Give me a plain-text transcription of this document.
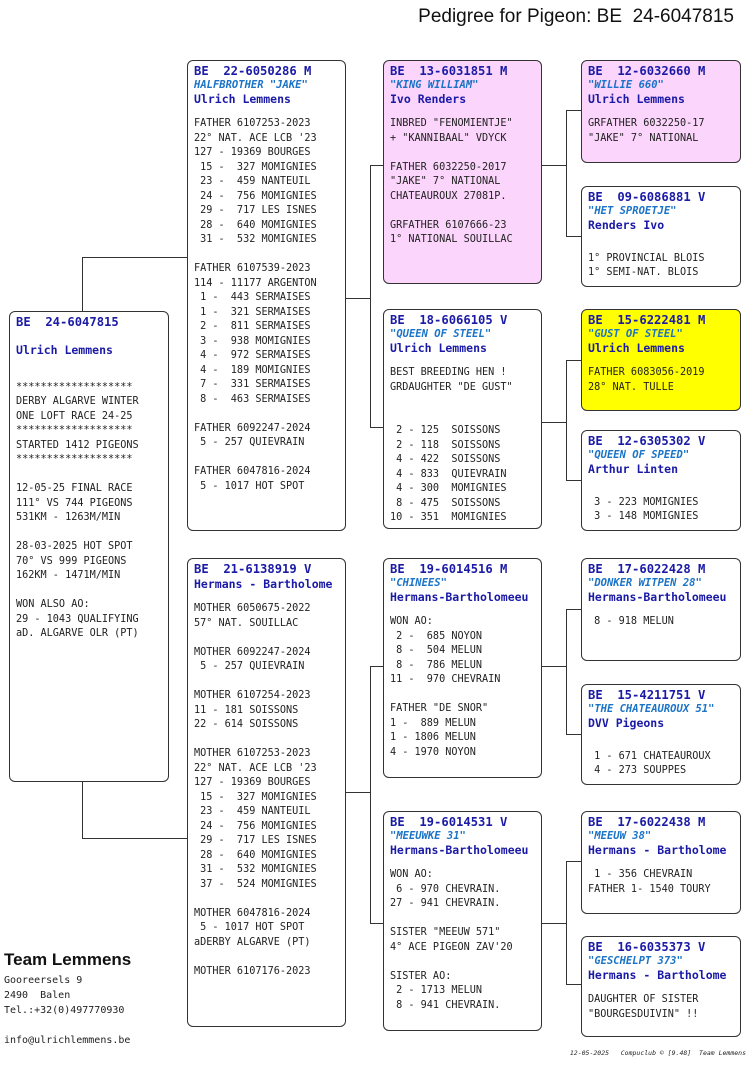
Pedigree for Pigeon: BE  24-6047815
BE  24-6047815
Ulrich Lemmens
*******************
DERBY ALGARVE WINTER
ONE LOFT RACE 24-25
*******************
STARTED 1412 PIGEONS
*******************
12-05-25 FINAL RACE
111° VS 744 PIGEONS
531KM - 1263M/MIN
28-03-2025 HOT SPOT
70° VS 999 PIGEONS
162KM - 1471M/MIN
WON ALSO AO:
29 - 1043 QUALIFYING
aD. ALGARVE OLR (PT)
BE  22-6050286 M
HALFBROTHER "JAKE"
Ulrich Lemmens
FATHER 6107253-2023
22° NAT. ACE LCB '23
127 - 19369 BOURGES
15 -  327 MOMIGNIES
23 -  459 NANTEUIL
24 -  756 MOMIGNIES
29 -  717 LES ISNES
28 -  640 MOMIGNIES
31 -  532 MOMIGNIES
FATHER 6107539-2023
114 - 11177 ARGENTON
1 -  443 SERMAISES
1 -  321 SERMAISES
2 -  811 SERMAISES
3 -  938 MOMIGNIES
4 -  972 SERMAISES
4 -  189 MOMIGNIES
7 -  331 SERMAISES
8 -  463 SERMAISES
FATHER 6092247-2024
5 - 257 QUIEVRAIN
FATHER 6047816-2024
5 - 1017 HOT SPOT
BE  21-6138919 V
Hermans - Bartholome
MOTHER 6050675-2022
57° NAT. SOUILLAC
MOTHER 6092247-2024
5 - 257 QUIEVRAIN
MOTHER 6107254-2023
11 - 181 SOISSONS
22 - 614 SOISSONS
MOTHER 6107253-2023
22° NAT. ACE LCB '23
127 - 19369 BOURGES
15 -  327 MOMIGNIES
23 -  459 NANTEUIL
24 -  756 MOMIGNIES
29 -  717 LES ISNES
28 -  640 MOMIGNIES
31 -  532 MOMIGNIES
37 -  524 MOMIGNIES
MOTHER 6047816-2024
5 - 1017 HOT SPOT
aDERBY ALGARVE (PT)
MOTHER 6107176-2023
BE  13-6031851 M
"KING WILLIAM"
Ivo Renders
INBRED "FENOMIENTJE"
+ "KANNIBAAL" VDYCK
FATHER 6032250-2017
"JAKE" 7° NATIONAL
CHATEAUROUX 27081P.
GRFATHER 6107666-23
1° NATIONAL SOUILLAC
BE  18-6066105 V
"QUEEN OF STEEL"
Ulrich Lemmens
BEST BREEDING HEN !
GRDAUGHTER "DE GUST"
2 - 125  SOISSONS
2 - 118  SOISSONS
4 - 422  SOISSONS
4 - 833  QUIEVRAIN
4 - 300  MOMIGNIES
8 - 475  SOISSONS
10 - 351  MOMIGNIES
BE  19-6014516 M
"CHINEES"
Hermans-Bartholomeeu
WON AO:
2 -  685 NOYON
8 -  504 MELUN
8 -  786 MELUN
11 -  970 CHEVRAIN
FATHER "DE SNOR"
1 -  889 MELUN
1 - 1806 MELUN
4 - 1970 NOYON
BE  19-6014531 V
"MEEUWKE 31"
Hermans-Bartholomeeu
WON AO:
6 - 970 CHEVRAIN.
27 - 941 CHEVRAIN.
SISTER "MEEUW 571"
4° ACE PIGEON ZAV'20
SISTER AO:
2 - 1713 MELUN
8 - 941 CHEVRAIN.
BE  12-6032660 M
"WILLIE 660"
Ulrich Lemmens
GRFATHER 6032250-17
"JAKE" 7° NATIONAL
BE  09-6086881 V
"HET SPROETJE"
Renders Ivo
1° PROVINCIAL BLOIS
1° SEMI-NAT. BLOIS
BE  15-6222481 M
"GUST OF STEEL"
Ulrich Lemmens
FATHER 6083056-2019
28° NAT. TULLE
BE  12-6305302 V
"QUEEN OF SPEED"
Arthur Linten
3 - 223 MOMIGNIES
3 - 148 MOMIGNIES
BE  17-6022428 M
"DONKER WITPEN 28"
Hermans-Bartholomeeu
8 - 918 MELUN
BE  15-4211751 V
"THE CHATEAUROUX 51"
DVV Pigeons
1 - 671 CHATEAUROUX
4 - 273 SOUPPES
BE  17-6022438 M
"MEEUW 38"
Hermans - Bartholome
1 - 356 CHEVRAIN
FATHER 1- 1540 TOURY
BE  16-6035373 V
"GESCHELPT 373"
Hermans - Bartholome
DAUGHTER OF SISTER
"BOURGESDUIVIN" !!
Team Lemmens
Gooreersels 9
2490  Balen
Tel.:+32(0)497770930
info@ulrichlemmens.be
12-05-2025   Compuclub © [9.48]  Team Lemmens
